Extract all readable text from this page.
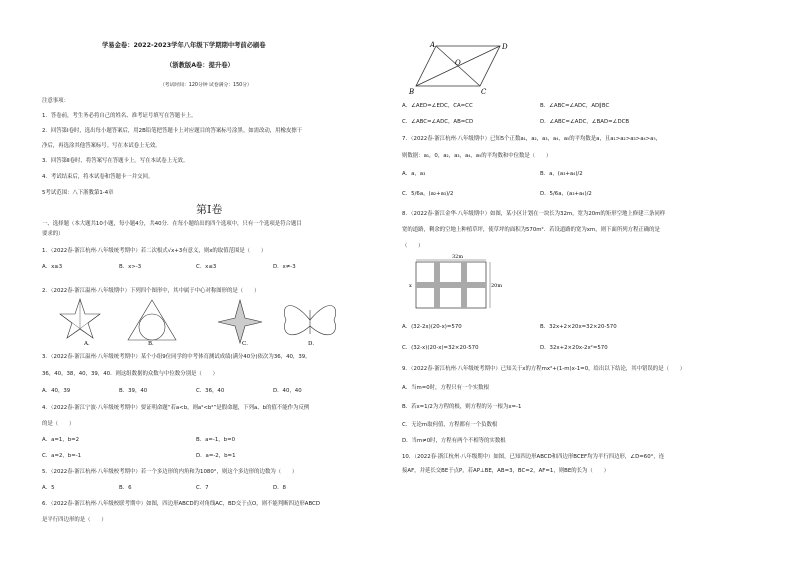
学易金卷：2022-2023学年八年级下学期期中考前必刷卷
（浙教版A卷：提升卷）
（考试时间：120分钟 试卷满分：150分）
注意事项：
1．答卷前，考生务必将自己的姓名、准考证号填写在答题卡上。
2．回答第Ⅰ卷时，选出每小题答案后，用2B铅笔把答题卡上对应题目的答案标号涂黑。如需改动，用橡皮擦干
净后，再选涂其他答案标号。写在本试卷上无效。
3．回答第Ⅱ卷时，将答案写在答题卡上。写在本试卷上无效。
4．考试结束后，将本试卷和答题卡一并交回。
5考试范围：八下浙教第1-4章
第Ⅰ卷
一、选择题（本大题共10小题，每小题4分，共40分．在每小题给出的四个选项中，只有一个选项是符合题目
要求的）
1．（2022春·浙江杭州·八年级统考期中）若二次根式√x+3有意义，则x的取值范围是（　　）
A．x≥3	B．x>-3	C．x≤3	D．x≠-3
2．（2022春·浙江温州·八年级期中）下列四个图形中，其中属于中心对称图形的是（　　）
A．	B．	C．	D．
3．（2022春·浙江温州·八年级统考期中）某个小组9位同学的中考体育测试成绩(满分40分)依次为36，40，39，
36，40，38，40，39，40．则这组数据的众数与中位数分别是（　　）
A．40，39	B．39，40	C．36，40	D．40，40
4．（2022春·浙江宁波·八年级统考期中）要证明命题“若a<b，则a²<b²”是假命题，下列a、b的值不能作为反例
的是（　　）
A．a=1，b=2	B．a=-1，b=0
C．a=2，b=-1	D．a=-2，b=1
5．（2022春·浙江杭州·八年级校考期中）若一个多边形的内角和为1080°，则这个多边形的边数为（　　）
A．5	B．6	C．7	D．8
6．（2022春·浙江杭州·八年级校联考期中）如图，四边形ABCD的对角线AC，BD交于点O，则不能判断四边形ABCD
是平行四边形的是（　　）
A	D
O
B	C
A．∠AED=∠EDC，CA=CC	B．∠ABC=∠ADC，AD∥BC
C．∠ABC=∠ADC，AB=CD	D．∠ABC=∠ADC，∠BAD=∠DCB
7．（2022春·浙江杭州·八年级期中）已知5个正数a₁，a₂，a₃，a₄，a₅的平均数是a，且a₁>a₂>a₃>a₄>a₅，
则数据：a₁，0，a₂，a₃，a₄，a₅的平均数和中位数是（　　）
A．a，a₃	B．a，(a₃+a₄)/2
C．5/6a，(a₂+a₃)/2	D．5/6a，(a₃+a₄)/2
8．（2022春·浙江金华·八年级期中）如图，某小区计划在一块长为32m，宽为20m的矩形空地上修建三条同样
宽的道路，剩余的空地上种植草坪，使草坪的面积为570m²．若设道路的宽为xm，则下面所列方程正确的是
（　　）
32m
x	20m
A．(32-2x)(20-x)=570	B．32x+2×20x=32×20-570
C．(32-x)(20-x)=32×20-570	D．32x+2×20x-2x²=570
9．（2022春·浙江杭州·八年级统考期中）已知关于x的方程mx²+(1-m)x-1=0，给出以下结论，其中错误的是（　　）
A．当m=0时，方程只有一个实数根
B．若x=1/2为方程的根，则方程的另一根为x=-1
C．无论m取何值，方程都有一个负数根
D．当m≠0时，方程有两个不相等的实数根
10．（2022春·浙江杭州·八年级期中）如图，已知四边形ABCD和四边形BCEF均为平行四边形，∠D=60°，连
接AF，并延长交BE于点P，若AP⊥BE，AB=3，BC=2，AF=1，则BE的长为（　　）
